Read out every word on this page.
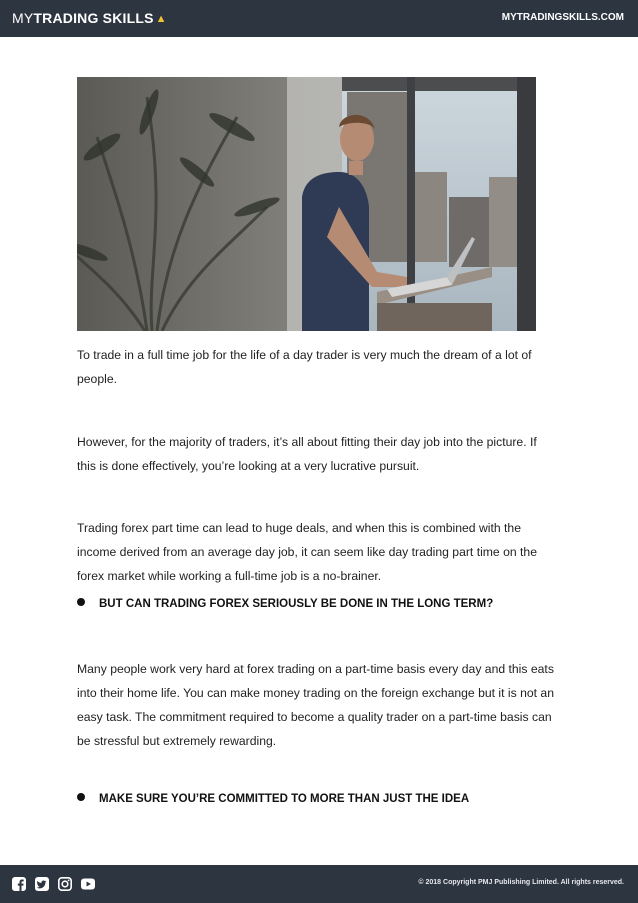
MYTRADING SKILLS ▲	MYTRADINGSKILLS.COM
To trade in a full time job for the life of a day trader is very much the dream of a lot of people.
However, for the majority of traders, it’s all about fitting their day job into the picture. If this is done effectively, you’re looking at a very lucrative pursuit.
Trading forex part time can lead to huge deals, and when this is combined with the income derived from an average day job, it can seem like day trading part time on the forex market while working a full-time job is a no-brainer.
BUT CAN TRADING FOREX SERIOUSLY BE DONE IN THE LONG TERM?
Many people work very hard at forex trading on a part-time basis every day and this eats into their home life. You can make money trading on the foreign exchange but it is not an easy task. The commitment required to become a quality trader on a part-time basis can be stressful but extremely rewarding.
MAKE SURE YOU’RE COMMITTED TO MORE THAN JUST THE IDEA
© 2018 Copyright PMJ Publishing Limited. All rights reserved.
